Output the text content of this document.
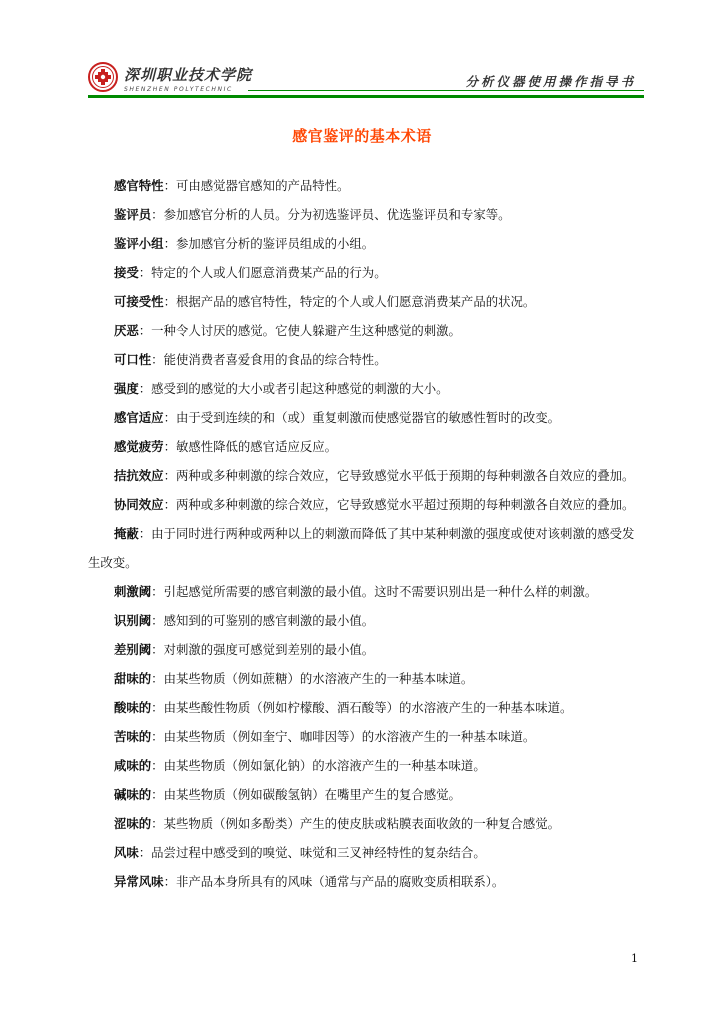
深圳职业技术学院
SHENZHEN POLYTECHNIC
分析仪器使用操作指导书
感官鉴评的基本术语
感官特性：可由感觉器官感知的产品特性。
鉴评员：参加感官分析的人员。分为初选鉴评员、优选鉴评员和专家等。
鉴评小组：参加感官分析的鉴评员组成的小组。
接受：特定的个人或人们愿意消费某产品的行为。
可接受性：根据产品的感官特性，特定的个人或人们愿意消费某产品的状况。
厌恶：一种令人讨厌的感觉。它使人躲避产生这种感觉的刺激。
可口性：能使消费者喜爱食用的食品的综合特性。
强度：感受到的感觉的大小或者引起这种感觉的刺激的大小。
感官适应：由于受到连续的和（或）重复刺激而使感觉器官的敏感性暂时的改变。
感觉疲劳：敏感性降低的感官适应反应。
拮抗效应：两种或多种刺激的综合效应，它导致感觉水平低于预期的每种刺激各自效应的叠加。
协同效应：两种或多种刺激的综合效应，它导致感觉水平超过预期的每种刺激各自效应的叠加。
掩蔽：由于同时进行两种或两种以上的刺激而降低了其中某种刺激的强度或使对该刺激的感受发生改变。
刺激阈：引起感觉所需要的感官刺激的最小值。这时不需要识别出是一种什么样的刺激。
识别阈：感知到的可鉴别的感官刺激的最小值。
差别阈：对刺激的强度可感觉到差别的最小值。
甜味的：由某些物质（例如蔗糖）的水溶液产生的一种基本味道。
酸味的：由某些酸性物质（例如柠檬酸、酒石酸等）的水溶液产生的一种基本味道。
苦味的：由某些物质（例如奎宁、咖啡因等）的水溶液产生的一种基本味道。
咸味的：由某些物质（例如氯化钠）的水溶液产生的一种基本味道。
碱味的：由某些物质（例如碳酸氢钠）在嘴里产生的复合感觉。
涩味的：某些物质（例如多酚类）产生的使皮肤或粘膜表面收敛的一种复合感觉。
风味：品尝过程中感受到的嗅觉、味觉和三叉神经特性的复杂结合。
异常风味：非产品本身所具有的风味（通常与产品的腐败变质相联系）。
1
